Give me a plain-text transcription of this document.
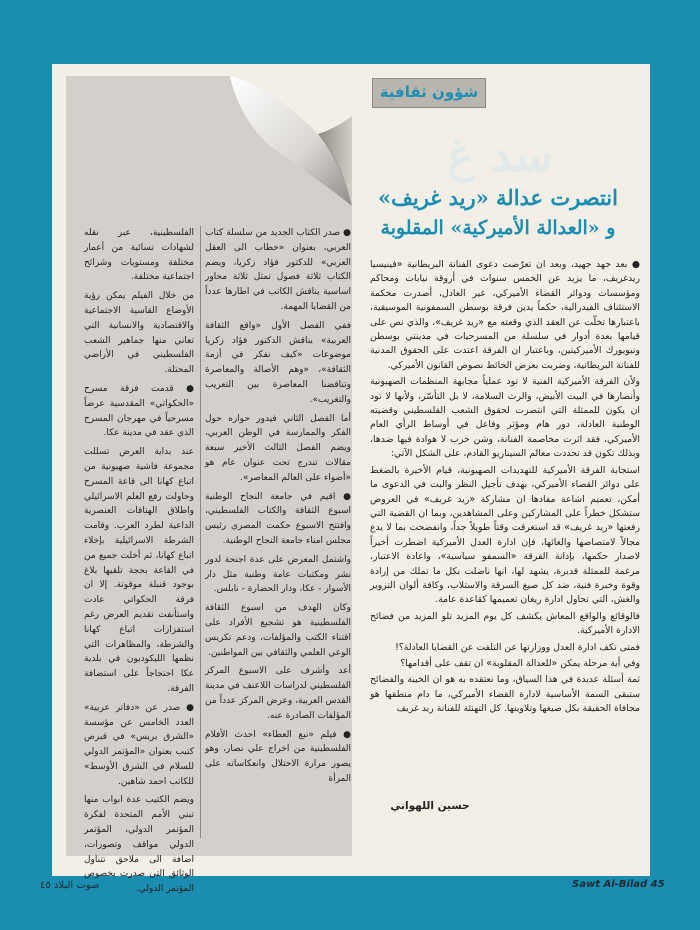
شؤون ثقافية
سد غ
انتصرت عدالة «ريد غريف»
و «العدالة الأميركية» المقلوبة

● بعد جهد جهيد، وبعد ان تعرّضت دعوى الفنانة البريطانية «فينيسيا ريدغريف، ما يزيد عن الخمس سنوات في أروقة نيابات ومحاكم ومؤسسات ودوائر القضاء الأميركي، غير العادل، أصدرت محكمة الاستئناف الفيدرالية، حكماً يدين فرقة بوسطن السمفونية الموسيقية، باعتبارها تخلّت عن العقد الذي وقعته مع «ريد غريف»، والذي نص على قيامها بعدة أدوار في سلسلة من المسرحيات في مدينتي بوسطن ونيويورك الأميركيتين، وباعتبار ان الفرقة اعتدت على الحقوق المدنية للفنانة البريطانية، وضربت بعرض الحائط نصوص القانون الأميركي.

ولأن الفرقة الأميركية الفنية لا تود عملياً مجابهة المنظمات الصهيونية وأنصارها في البيت الأبيض، والرث السلامة، لا بل التأسّر، ولأنها لا تود ان يكون للممثلة التي انتصرت لحقوق الشعب الفلسطيني وقضيته الوطنية العادلة، دور هام ومؤثر وفاعل في أوساط الرأي العام الأميركي، فقد اثرت مخاصمة الفنانة، وشن حرب لا هوادة فيها ضدها، وبذلك تكون قد تحددت معالم السيناريو القادم، على الشكل الآتي:

استجابة الفرقة الأميركية للتهديدات الصهيونية، قيام الأخيرة بالضغط على دوائر القضاء الأميركي، بهدف تأجيل النظر والبت في الدعوى ما أمكن، تعميم اشاعة مفادها ان مشاركة «ريد غريف» في العروض ستشكل خطراً على المشاركين وعلى المشاهدين، وبما ان القضية التي رفعتها «ريد غريف» قد استغرقت وقتاً طويلاً جداً، وانفضحت بما لا يدع مجالاً لامتصاصها والغائها، فإن ادارة العدل الأميركية اضطرت أخيراً لاصدار حكمها، بإدانة الفرقة «السمفو سياسية»، واعادة الاعتبار، مرغمة للممثلة قديرة، يشهد لها، انها ناضلت بكل ما تملك من إرادة وقوة وخبرة فنية، ضد كل صيغ السرقة والاستلاب، وكافة ألوان التزوير والغش، التي تحاول ادارة ريغان تعميمها كقاعدة عامة.

فالوقائع والواقع المعاش يكشف كل يوم المزيد تلو المزيد من فضائح الادارة الأميركية.

فمتى تكف ادارة العدل ووزارتها عن التلفت عن القضايا العادلة؟!

وفي أية مرحلة يمكن «للعدالة المقلوبة» ان تقف على أقدامها؟

ثمة أسئلة عديدة في هذا السياق، وما نعتقده به هو ان الخيبة والفضائح ستبقى السمة الأساسية لادارة القضاء الأميركي، ما دام منطقها هو مجافاة الحقيقة بكل صيغها وتلاوينها. كل التهنئة للفنانة ريد غريف

حسين اللهواني

● صدر الكتاب الجديد من سلسلة كتاب العربي، بعنوان «خطاب الى العقل العربي» للدكتور فؤاد زكريا، ويضم الكتاب ثلاثة فصول تمثل ثلاثة محاور اساسية يناقش الكاتب في اطارها عدداً من القضايا المهمة.

ففي الفصل الأول «واقع الثقافة العربية» يناقش الدكتور فؤاد زكريا موضوعات «كيف نفكر في أزمة الثقافة»، «وهم الأصالة والمعاصرة وتناقضنا المعاصرة بين التعريب والتغريب».

أما الفصل الثاني فيدور حواره حول الفكر والممارسة في الوطن العربي، ويضم الفصل الثالث الأخير سبعة مقالات تندرج تحت عنوان عام هو «أضواء على العالم المعاصر».

● اقيم في جامعة النجاح الوطنية اسبوع الثقافة والكتاب الفلسطيني، وافتتح الاسبوع حكمت المصري رئيس مجلس امناء جامعة النجاح الوطنية.

واشتمل المعرض على عدة اجنحة لدور نشر ومكتبات عامة وطنية مثل دار الأسوار - عكا، ودار الحضارة - نابلس.

وكان الهدف من اسبوع الثقافة الفلسطينية هو تشجيع الأفراد على اقتناء الكتب والمؤلفات، ودعم تكريس الوعي العلمي والثقافي بين المواطنين.

أعد وأشرف على الاسبوع المركز الفلسطيني لدراسات اللاعنف في مدينة القدس العربية، وعرض المركز عدداً من المؤلفات الصادرة عنه.

● فيلم «نبع العطاء» احدث الأفلام الفلسطينية من اخراج علي نصار، وهو يصور مرارة الاحتلال وانعكاساته على المرأة

الفلسطينية، عبر نقله لشهادات نسائية من أعمار مختلفة ومستويات وشرائح اجتماعية مختلفة.

من خلال الفيلم يمكن رؤية الأوضاع القاسية الاجتماعية والاقتصادية والانسانية التي تعاني منها جماهير الشعب الفلسطيني في الأراضي المحتلة.

● قدمت فرقة مسرح «الحكواتي» المقدسية عرضاً مسرحياً في مهرجان المسرح الذي عقد في مدينة عكا.

عند بداية العرض تسللت مجموعة فاشية صهيونية من اتباع كهانا الى قاعة المسرح وحاولت رفع العلم الاسرائيلي واطلاق الهتافات العنصرية الداعية لطرد العرب. وقامت الشرطة الاسرائيلية بإخلاء اتباع كهانا، ثم أخلت جميع من في القاعة بحجة تلقيها بلاغ بوجود قنبلة موقوتة. إلا ان فرقة الحكواتي عادت واستأنفت تقديم العرض رغم استفزازات اتباع كهانا والشرطة، والمظاهرات التي نظمها الليكوديون في بلدية عكا احتجاجاً على استضافة الفرقة.

● صدر عن «دفاتر عربية» العدد الخامس عن مؤسسة «الشرق بريس» في قبرص كتيب بعنوان «المؤتمر الدولي للسلام في الشرق الأوسط» للكاتب احمد شاهين.

ويضم الكتيب عدة ابواب منها تبني الأمم المتحدة لفكرة المؤتمر الدولي، المؤتمر الدولي مواقف وتصورات، اضافة الى ملاحق تتناول الوثائق التي صدرت بخصوص المؤتمر الدولي.

صوت البلاد ٤٥	Sawt Al-Bilad 45
